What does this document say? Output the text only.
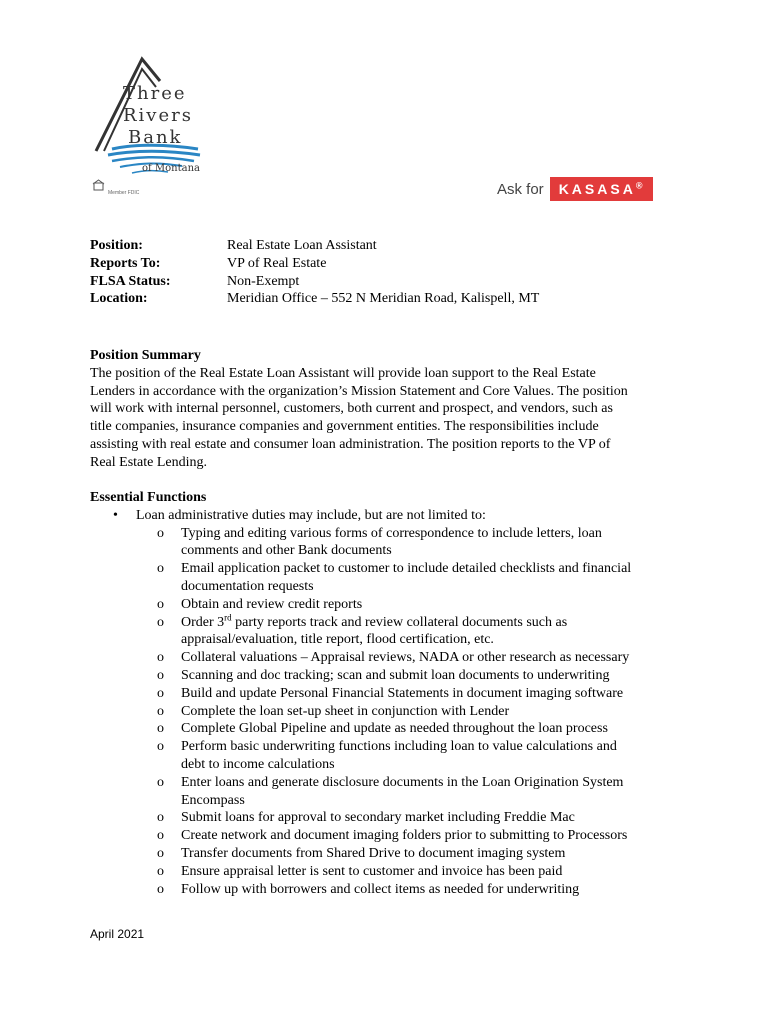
Three
Rivers
Bank
of Montana
Member FDIC	Ask for	KASASA®
Position:	Real Estate Loan Assistant
Reports To:	VP of Real Estate
FLSA Status:	Non-Exempt
Location:	Meridian Office – 552 N Meridian Road, Kalispell, MT
Position Summary
The position of the Real Estate Loan Assistant will provide loan support to the Real Estate
Lenders in accordance with the organization’s Mission Statement and Core Values. The position
will work with internal personnel, customers, both current and prospect, and vendors, such as
title companies, insurance companies and government entities. The responsibilities include
assisting with real estate and consumer loan administration. The position reports to the VP of
Real Estate Lending.
Essential Functions
• Loan administrative duties may include, but are not limited to:
o Typing and editing various forms of correspondence to include letters, loan
comments and other Bank documents
o Email application packet to customer to include detailed checklists and financial
documentation requests
o Obtain and review credit reports
o Order 3rd party reports track and review collateral documents such as
appraisal/evaluation, title report, flood certification, etc.
o Collateral valuations – Appraisal reviews, NADA or other research as necessary
o Scanning and doc tracking; scan and submit loan documents to underwriting
o Build and update Personal Financial Statements in document imaging software
o Complete the loan set-up sheet in conjunction with Lender
o Complete Global Pipeline and update as needed throughout the loan process
o Perform basic underwriting functions including loan to value calculations and
debt to income calculations
o Enter loans and generate disclosure documents in the Loan Origination System
Encompass
o Submit loans for approval to secondary market including Freddie Mac
o Create network and document imaging folders prior to submitting to Processors
o Transfer documents from Shared Drive to document imaging system
o Ensure appraisal letter is sent to customer and invoice has been paid
o Follow up with borrowers and collect items as needed for underwriting
April 2021
